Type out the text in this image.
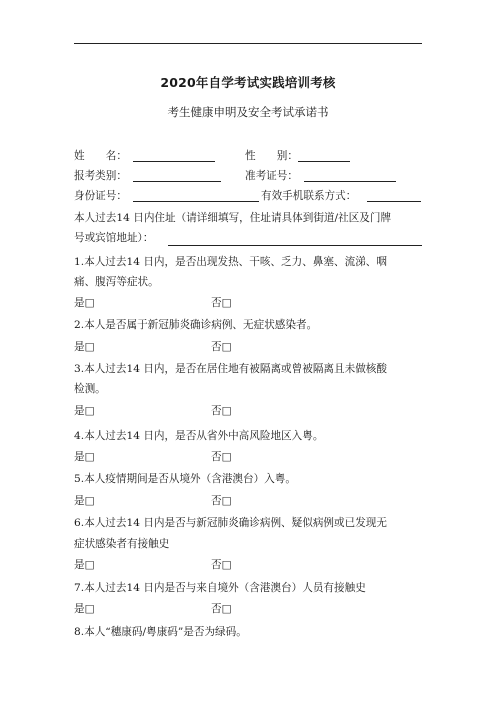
2020年自学考试实践培训考核
考生健康申明及安全考试承诺书
姓　　名：	性　　别：
报考类别：	准考证号：
身份证号：	有效手机联系方式：
本人过去14 日内住址（请详细填写，住址请具体到街道/社区及门牌
号或宾馆地址）：
1.本人过去14 日内，是否出现发热、干咳、乏力、鼻塞、流涕、咽
痛、腹泻等症状。
是□	否□
2.本人是否属于新冠肺炎确诊病例、无症状感染者。
是□	否□
3.本人过去14 日内，是否在居住地有被隔离或曾被隔离且未做核酸
检测。
是□	否□
4.本人过去14 日内，是否从省外中高风险地区入粤。
是□	否□
5.本人疫情期间是否从境外（含港澳台）入粤。
是□	否□
6.本人过去14 日内是否与新冠肺炎确诊病例、疑似病例或已发现无
症状感染者有接触史
是□	否□
7.本人过去14 日内是否与来自境外（含港澳台）人员有接触史
是□	否□
8.本人“穗康码/粤康码”是否为绿码。
